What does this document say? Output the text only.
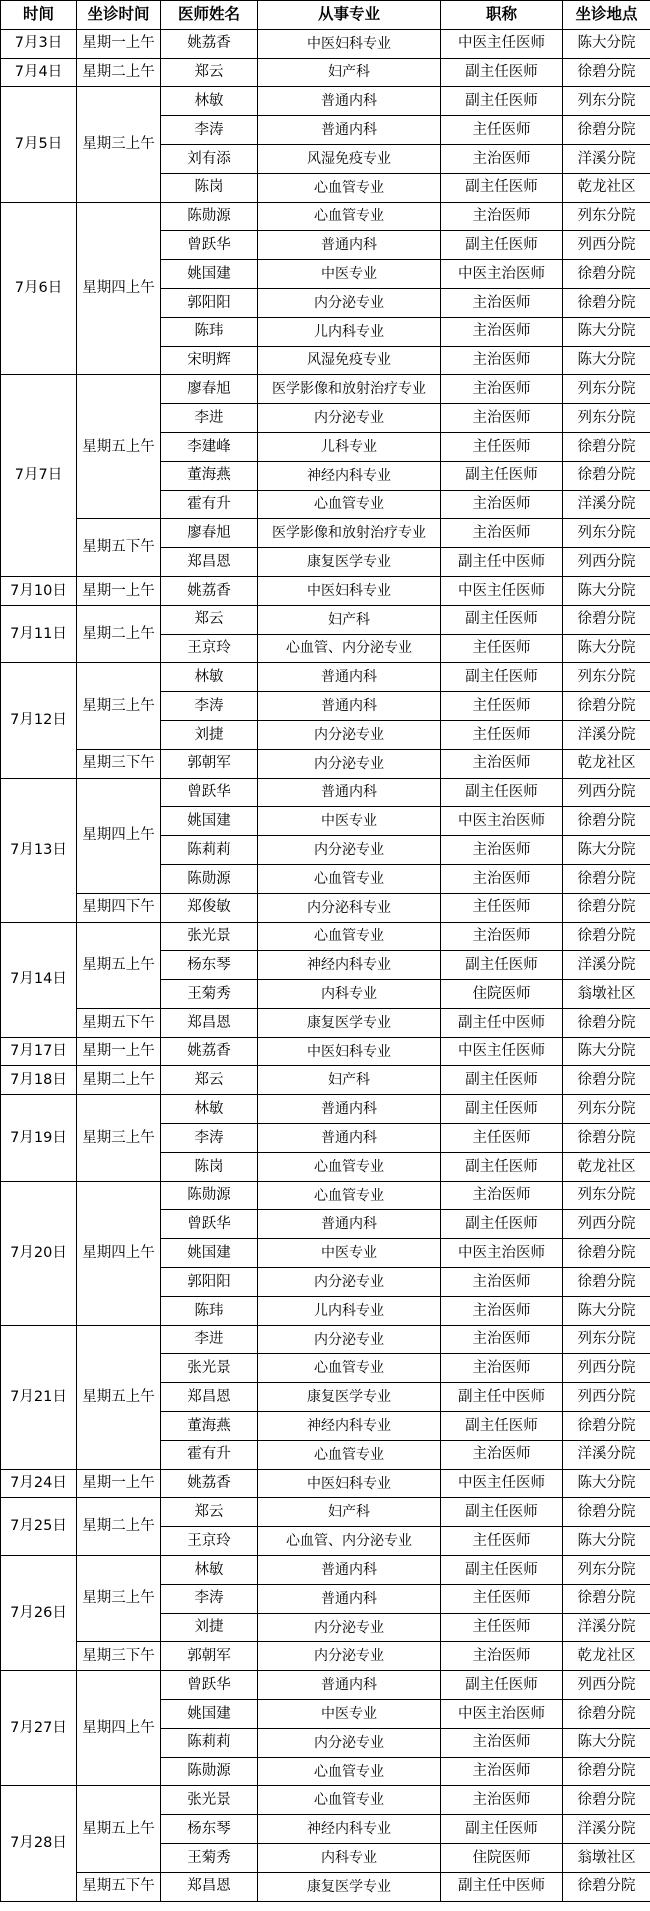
时间	坐诊时间	医师姓名	从事专业	职称	坐诊地点
7月3日	星期一上午	姚荔香	中医妇科专业	中医主任医师	陈大分院
7月4日	星期二上午	郑云	妇产科	副主任医师	徐碧分院
7月5日	星期三上午	林敏	普通内科	副主任医师	列东分院
		李涛	普通内科	主任医师	徐碧分院
		刘有添	风湿免疫专业	主治医师	洋溪分院
		陈岗	心血管专业	副主任医师	乾龙社区
7月6日	星期四上午	陈勋源	心血管专业	主治医师	列东分院
		曾跃华	普通内科	副主任医师	列西分院
		姚国建	中医专业	中医主治医师	徐碧分院
		郭阳阳	内分泌专业	主治医师	徐碧分院
		陈玮	儿内科专业	主治医师	陈大分院
		宋明辉	风湿免疫专业	主治医师	陈大分院
7月7日	星期五上午	廖春旭	医学影像和放射治疗专业	主治医师	列东分院
		李进	内分泌专业	主治医师	列东分院
		李建峰	儿科专业	主任医师	徐碧分院
		董海燕	神经内科专业	副主任医师	徐碧分院
		霍有升	心血管专业	主治医师	洋溪分院
	星期五下午	廖春旭	医学影像和放射治疗专业	主治医师	列东分院
		郑昌恩	康复医学专业	副主任中医师	列西分院
7月10日	星期一上午	姚荔香	中医妇科专业	中医主任医师	陈大分院
7月11日	星期二上午	郑云	妇产科	副主任医师	徐碧分院
		王京玲	心血管、内分泌专业	主任医师	陈大分院
7月12日	星期三上午	林敏	普通内科	副主任医师	列东分院
		李涛	普通内科	主任医师	徐碧分院
		刘捷	内分泌专业	主任医师	洋溪分院
	星期三下午	郭朝军	内分泌专业	主治医师	乾龙社区
7月13日	星期四上午	曾跃华	普通内科	副主任医师	列西分院
		姚国建	中医专业	中医主治医师	徐碧分院
		陈莉莉	内分泌专业	主治医师	陈大分院
		陈勋源	心血管专业	主治医师	徐碧分院
	星期四下午	郑俊敏	内分泌科专业	主任医师	徐碧分院
7月14日	星期五上午	张光景	心血管专业	主治医师	徐碧分院
		杨东琴	神经内科专业	副主任医师	洋溪分院
		王菊秀	内科专业	住院医师	翁墩社区
	星期五下午	郑昌恩	康复医学专业	副主任中医师	徐碧分院
7月17日	星期一上午	姚荔香	中医妇科专业	中医主任医师	陈大分院
7月18日	星期二上午	郑云	妇产科	副主任医师	徐碧分院
7月19日	星期三上午	林敏	普通内科	副主任医师	列东分院
		李涛	普通内科	主任医师	徐碧分院
		陈岗	心血管专业	副主任医师	乾龙社区
7月20日	星期四上午	陈勋源	心血管专业	主治医师	列东分院
		曾跃华	普通内科	副主任医师	列西分院
		姚国建	中医专业	中医主治医师	徐碧分院
		郭阳阳	内分泌专业	主治医师	徐碧分院
		陈玮	儿内科专业	主治医师	陈大分院
7月21日	星期五上午	李进	内分泌专业	主治医师	列东分院
		张光景	心血管专业	主治医师	列西分院
		郑昌恩	康复医学专业	副主任中医师	列西分院
		董海燕	神经内科专业	副主任医师	徐碧分院
		霍有升	心血管专业	主治医师	洋溪分院
7月24日	星期一上午	姚荔香	中医妇科专业	中医主任医师	陈大分院
7月25日	星期二上午	郑云	妇产科	副主任医师	徐碧分院
		王京玲	心血管、内分泌专业	主任医师	陈大分院
7月26日	星期三上午	林敏	普通内科	副主任医师	列东分院
		李涛	普通内科	主任医师	徐碧分院
		刘捷	内分泌专业	主任医师	洋溪分院
	星期三下午	郭朝军	内分泌专业	主治医师	乾龙社区
7月27日	星期四上午	曾跃华	普通内科	副主任医师	列西分院
		姚国建	中医专业	中医主治医师	徐碧分院
		陈莉莉	内分泌专业	主治医师	陈大分院
		陈勋源	心血管专业	主治医师	徐碧分院
7月28日	星期五上午	张光景	心血管专业	主治医师	徐碧分院
		杨东琴	神经内科专业	副主任医师	洋溪分院
		王菊秀	内科专业	住院医师	翁墩社区
	星期五下午	郑昌恩	康复医学专业	副主任中医师	徐碧分院
